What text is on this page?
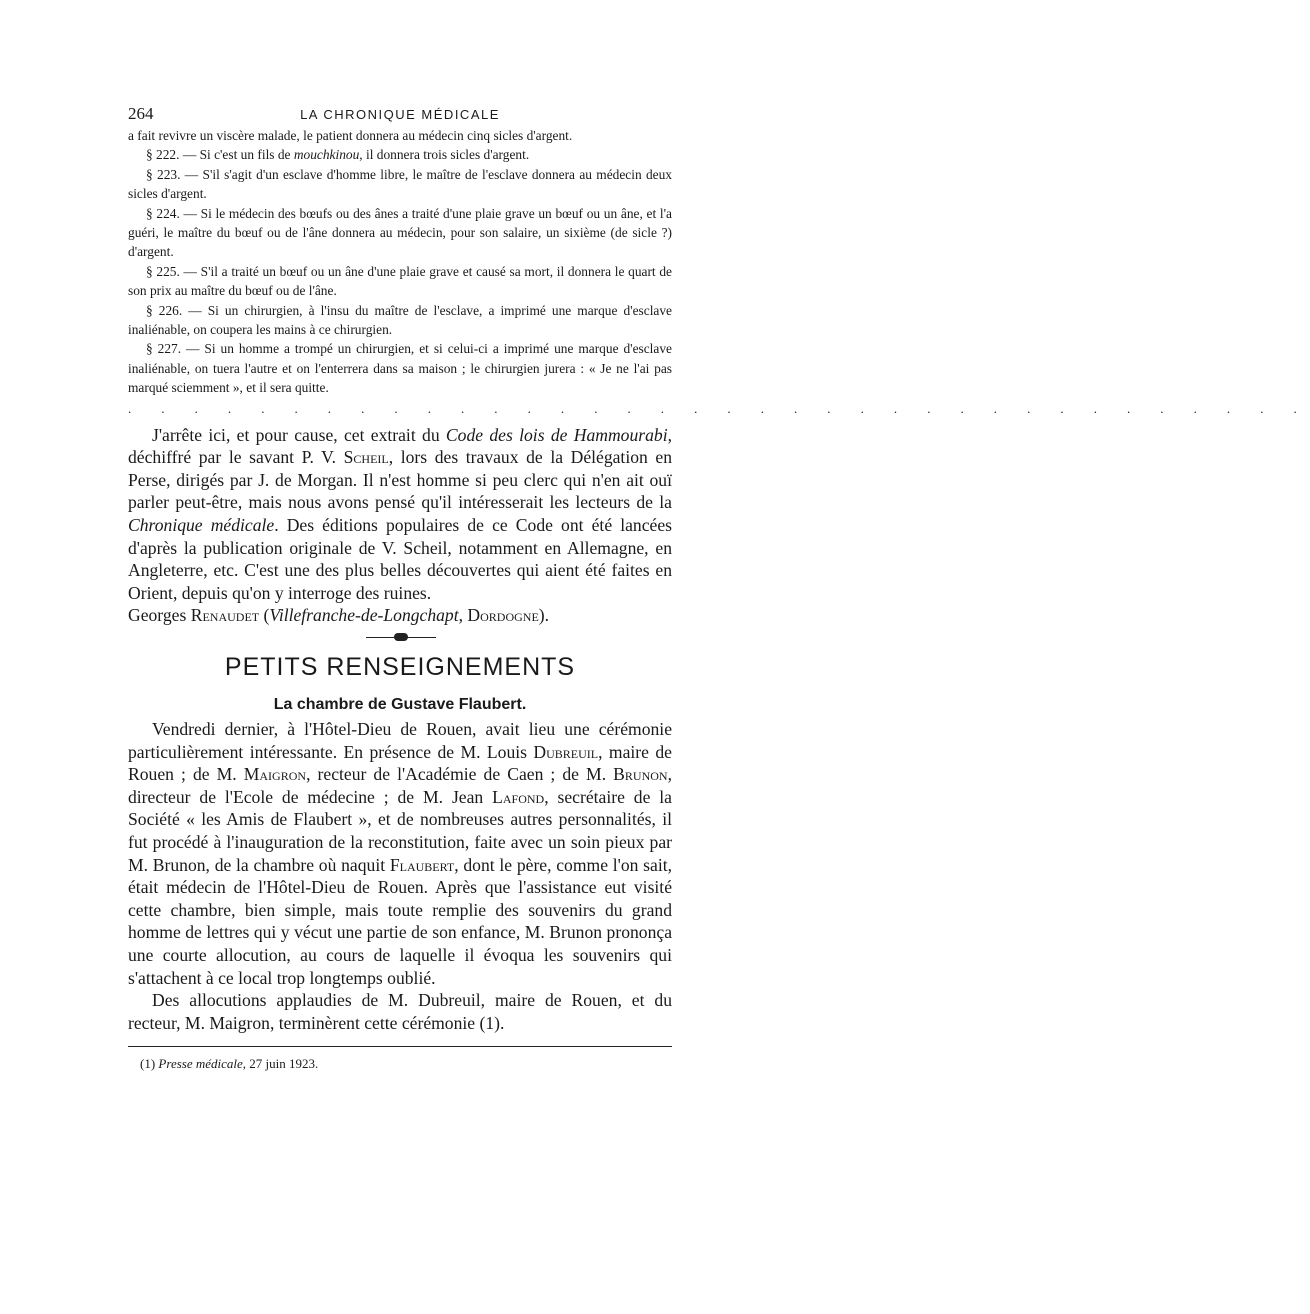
264	LA CHRONIQUE MÉDICALE

a fait revivre un viscère malade, le patient donnera au médecin cinq sicles d'argent.

§ 222. — Si c'est un fils de mouchkinou, il donnera trois sicles d'argent.

§ 223. — S'il s'agit d'un esclave d'homme libre, le maître de l'esclave donnera au médecin deux sicles d'argent.

§ 224. — Si le médecin des bœufs ou des ânes a traité d'une plaie grave un bœuf ou un âne, et l'a guéri, le maître du bœuf ou de l'âne donnera au médecin, pour son salaire, un sixième (de sicle ?) d'argent.

§ 225. — S'il a traité un bœuf ou un âne d'une plaie grave et causé sa mort, il donnera le quart de son prix au maître du bœuf ou de l'âne.

§ 226. — Si un chirurgien, à l'insu du maître de l'esclave, a imprimé une marque d'esclave inaliénable, on coupera les mains à ce chirurgien.

§ 227. — Si un homme a trompé un chirurgien, et si celui-ci a imprimé une marque d'esclave inaliénable, on tuera l'autre et on l'enterrera dans sa maison ; le chirurgien jurera : « Je ne l'ai pas marqué sciemment », et il sera quitte.

. . . . . . . . . . . . . . . . . . . . . . . . . . . . . . . . . . . .

J'arrête ici, et pour cause, cet extrait du Code des lois de Hammourabi, déchiffré par le savant P. V. Scheil, lors des travaux de la Délégation en Perse, dirigés par J. de Morgan. Il n'est homme si peu clerc qui n'en ait ouï parler peut-être, mais nous avons pensé qu'il intéresserait les lecteurs de la Chronique médicale. Des éditions populaires de ce Code ont été lancées d'après la publication originale de V. Scheil, notamment en Allemagne, en Angleterre, etc. C'est une des plus belles découvertes qui aient été faites en Orient, depuis qu'on y interroge des ruines.

Georges Renaudet (Villefranche-de-Longchapt, Dordogne).

PETITS RENSEIGNEMENTS
La chambre de Gustave Flaubert.

Vendredi dernier, à l'Hôtel-Dieu de Rouen, avait lieu une cérémonie particulièrement intéressante. En présence de M. Louis Dubreuil, maire de Rouen ; de M. Maigron, recteur de l'Académie de Caen ; de M. Brunon, directeur de l'Ecole de médecine ; de M. Jean Lafond, secrétaire de la Société « les Amis de Flaubert », et de nombreuses autres personnalités, il fut procédé à l'inauguration de la reconstitution, faite avec un soin pieux par M. Brunon, de la chambre où naquit Flaubert, dont le père, comme l'on sait, était médecin de l'Hôtel-Dieu de Rouen. Après que l'assistance eut visité cette chambre, bien simple, mais toute remplie des souvenirs du grand homme de lettres qui y vécut une partie de son enfance, M. Brunon prononça une courte allocution, au cours de laquelle il évoqua les souvenirs qui s'attachent à ce local trop longtemps oublié.

Des allocutions applaudies de M. Dubreuil, maire de Rouen, et du recteur, M. Maigron, terminèrent cette cérémonie (1).

(1) Presse médicale, 27 juin 1923.
